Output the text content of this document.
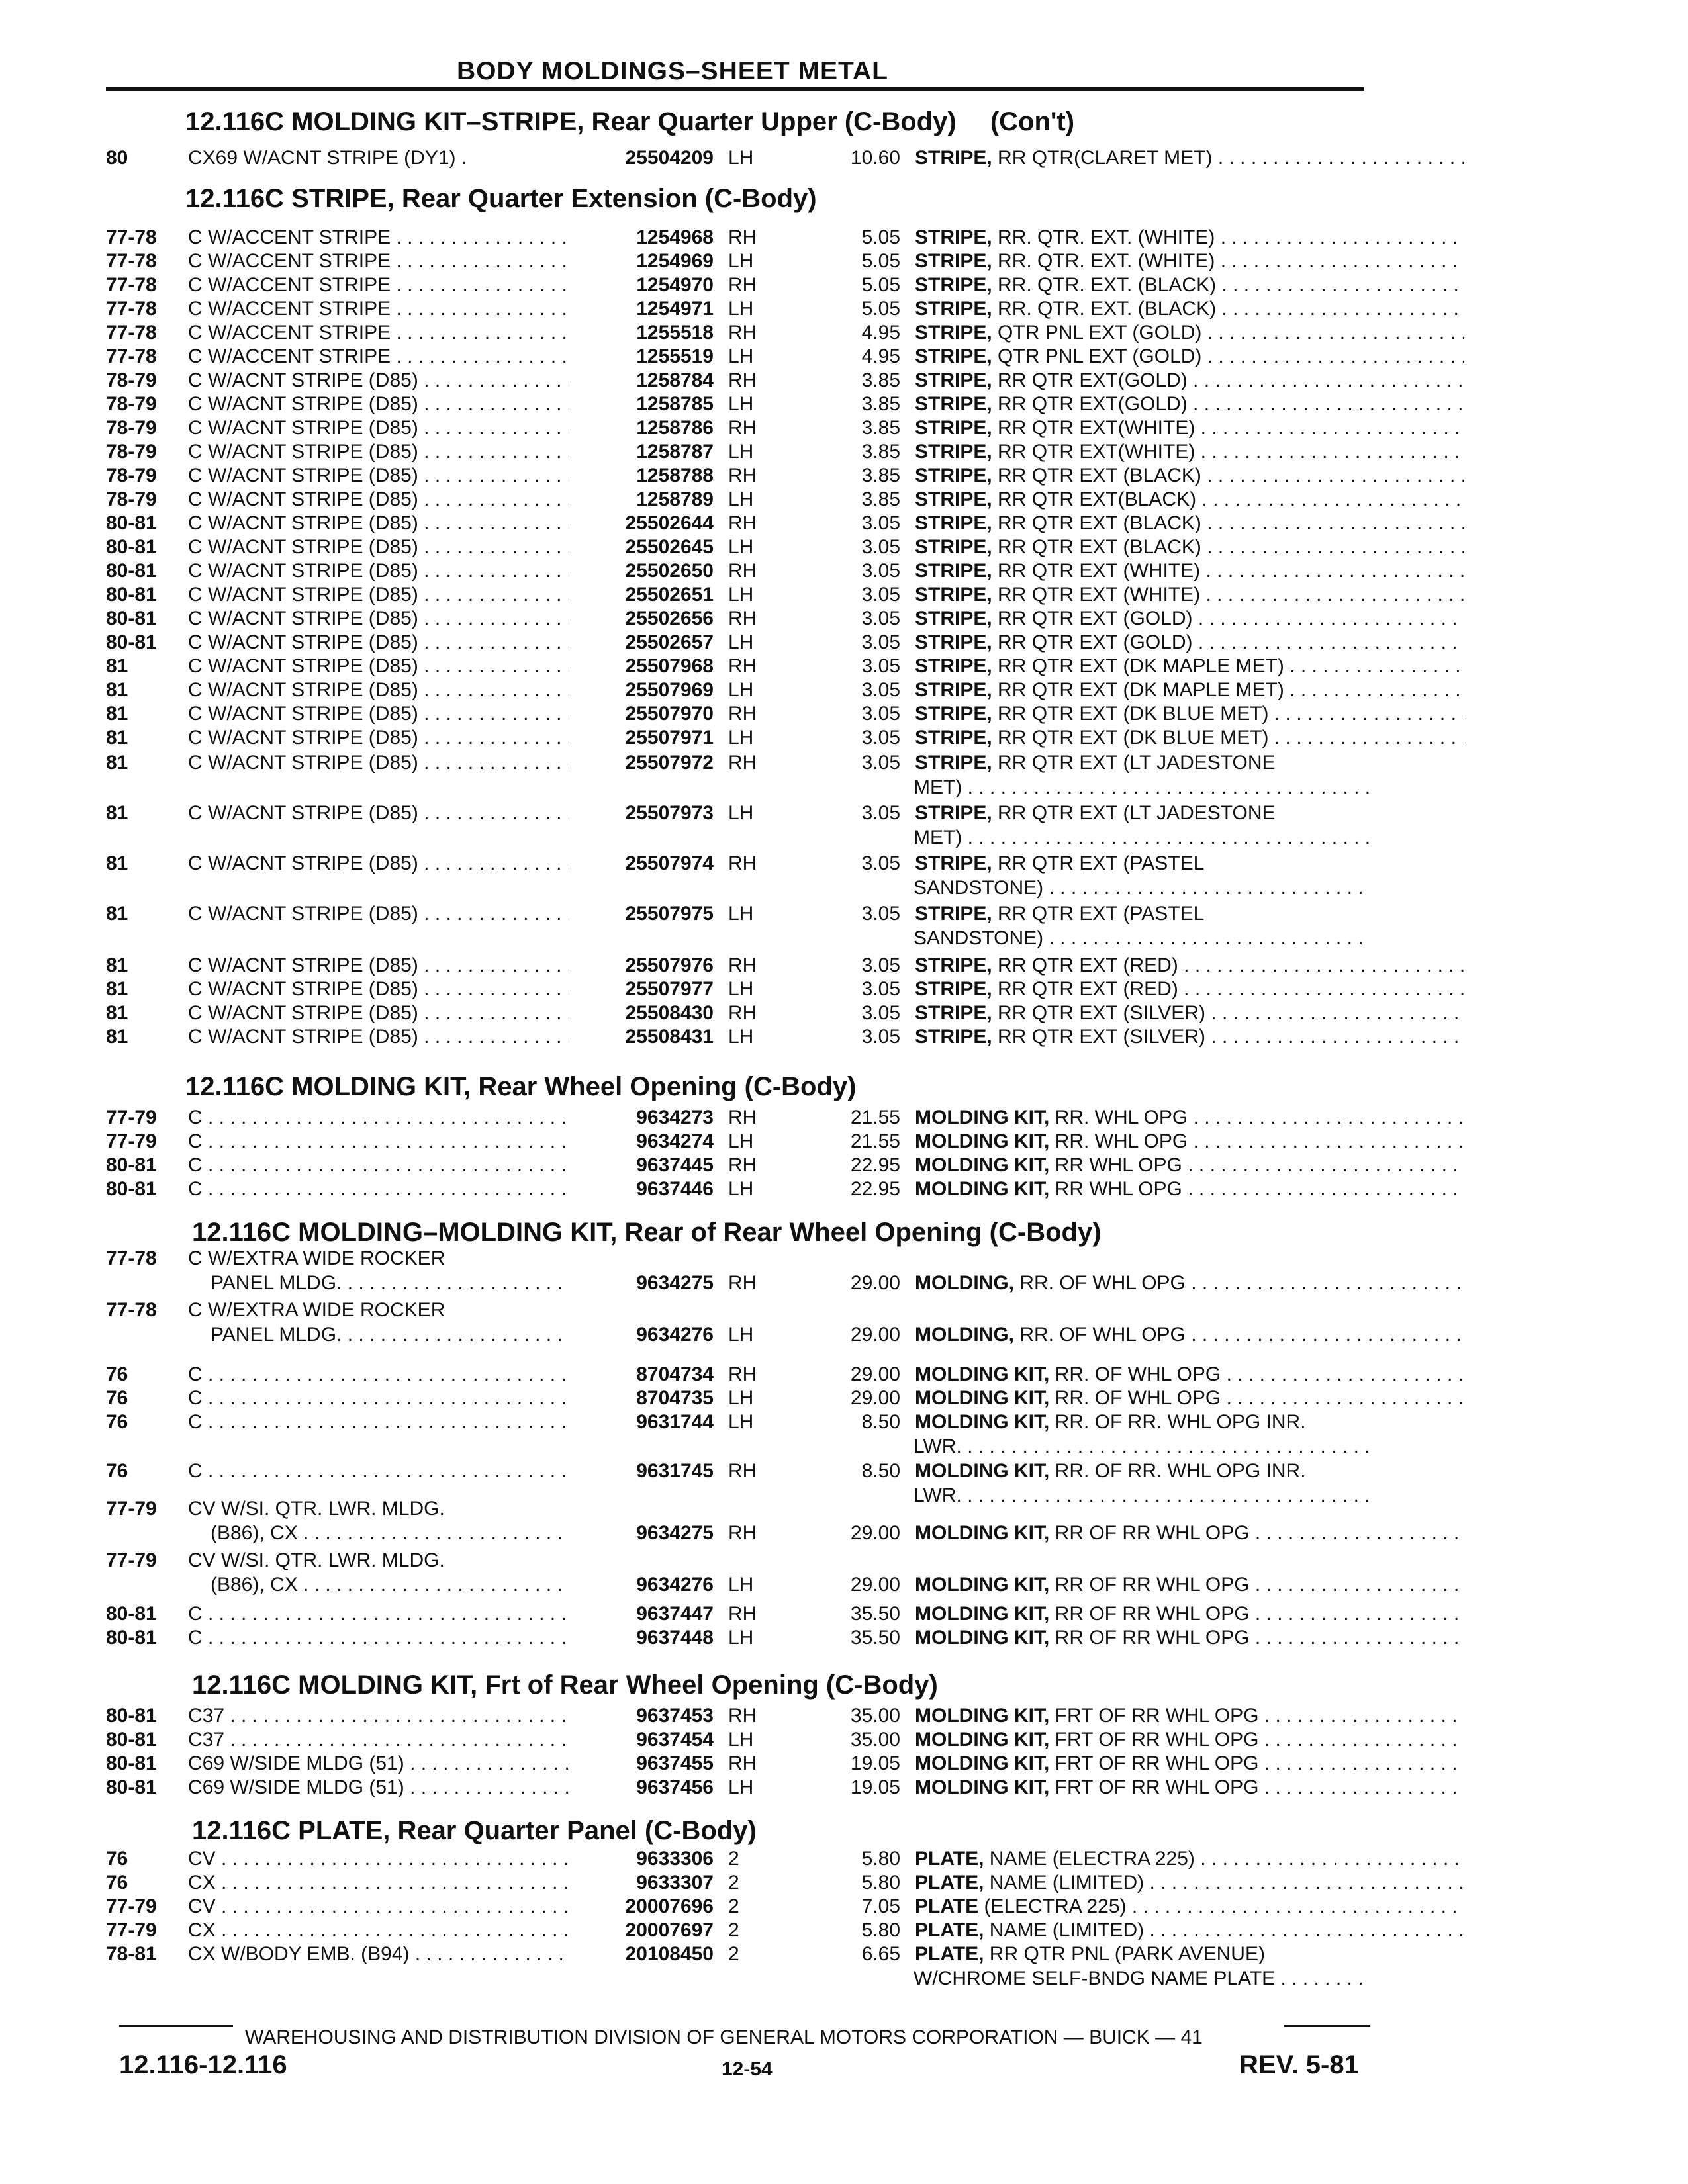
BODY MOLDINGS–SHEET METAL
12.116C MOLDING KIT–STRIPE, Rear Quarter Upper (C-Body) (Con't)
80	CX69 W/ACNT STRIPE (DY1) .	25504209 LH	10.60 STRIPE, RR QTR(CLARET MET) . . .
12.116C STRIPE, Rear Quarter Extension (C-Body)
12.116C MOLDING KIT, Rear Wheel Opening (C-Body)
12.116C MOLDING–MOLDING KIT, Rear of Rear Wheel Opening (C-Body)
12.116C MOLDING KIT, Frt of Rear Wheel Opening (C-Body)
12.116C PLATE, Rear Quarter Panel (C-Body)
77-78 C W/ACCENT STRIPE . . .	1254968 RH	5.05 STRIPE, RR. QTR. EXT. (WHITE) . . .
77-78 C W/ACCENT STRIPE . . .	1254969 LH	5.05 STRIPE, RR. QTR. EXT. (WHITE) . . .
77-78 C W/ACCENT STRIPE . . .	1254970 RH	5.05 STRIPE, RR. QTR. EXT. (BLACK) . . .
77-78 C W/ACCENT STRIPE . . .	1254971 LH	5.05 STRIPE, RR. QTR. EXT. (BLACK) . . .
77-78 C W/ACCENT STRIPE . . .	1255518 RH	4.95 STRIPE, QTR PNL EXT (GOLD) . . .
77-78 C W/ACCENT STRIPE . . .	1255519 LH	4.95 STRIPE, QTR PNL EXT (GOLD) . . .
78-79 C W/ACNT STRIPE (D85) . . .	1258784 RH	3.85 STRIPE, RR QTR EXT(GOLD) . . .
78-79 C W/ACNT STRIPE (D85) . . .	1258785 LH	3.85 STRIPE, RR QTR EXT(GOLD) . . .
78-79 C W/ACNT STRIPE (D85) . . .	1258786 RH	3.85 STRIPE, RR QTR EXT(WHITE) . . .
78-79 C W/ACNT STRIPE (D85) . . .	1258787 LH	3.85 STRIPE, RR QTR EXT(WHITE) . . .
78-79 C W/ACNT STRIPE (D85) . . .	1258788 RH	3.85 STRIPE, RR QTR EXT (BLACK) . . .
78-79 C W/ACNT STRIPE (D85) . . .	1258789 LH	3.85 STRIPE, RR QTR EXT(BLACK) . . .
80-81 C W/ACNT STRIPE (D85) . . .	25502644 RH	3.05 STRIPE, RR QTR EXT (BLACK) . . .
80-81 C W/ACNT STRIPE (D85) . . .	25502645 LH	3.05 STRIPE, RR QTR EXT (BLACK) . . .
80-81 C W/ACNT STRIPE (D85) . . .	25502650 RH	3.05 STRIPE, RR QTR EXT (WHITE) . . .
80-81 C W/ACNT STRIPE (D85) . . .	25502651 LH	3.05 STRIPE, RR QTR EXT (WHITE) . . .
80-81 C W/ACNT STRIPE (D85) . . .	25502656 RH	3.05 STRIPE, RR QTR EXT (GOLD) . . .
80-81 C W/ACNT STRIPE (D85) . . .	25502657 LH	3.05 STRIPE, RR QTR EXT (GOLD) . . .
81	C W/ACNT STRIPE (D85) . . .	25507968 RH	3.05 STRIPE, RR QTR EXT (DK MAPLE MET) . . .
81	C W/ACNT STRIPE (D85) . . .	25507969 LH	3.05 STRIPE, RR QTR EXT (DK MAPLE MET) . . .
81	C W/ACNT STRIPE (D85) . . .	25507970 RH	3.05 STRIPE, RR QTR EXT (DK BLUE MET) . . .
81	C W/ACNT STRIPE (D85) . . .	25507971 LH	3.05 STRIPE, RR QTR EXT (DK BLUE MET) . . .
81	C W/ACNT STRIPE (D85) . . .	25507972 RH	3.05 STRIPE, RR QTR EXT (LT JADESTONE
MET) . . .
81	C W/ACNT STRIPE (D85) . . .	25507973 LH	3.05 STRIPE, RR QTR EXT (LT JADESTONE
MET) . . .
81	C W/ACNT STRIPE (D85) . . .	25507974 RH	3.05 STRIPE, RR QTR EXT (PASTEL
SANDSTONE) . . .
81	C W/ACNT STRIPE (D85) . . .	25507975 LH	3.05 STRIPE, RR QTR EXT (PASTEL
SANDSTONE) . . .
81	C W/ACNT STRIPE (D85) . . .	25507976 RH	3.05 STRIPE, RR QTR EXT (RED) . . .
81	C W/ACNT STRIPE (D85) . . .	25507977 LH	3.05 STRIPE, RR QTR EXT (RED) . . .
81	C W/ACNT STRIPE (D85) . . .	25508430 RH	3.05 STRIPE, RR QTR EXT (SILVER) . . .
81	C W/ACNT STRIPE (D85) . . .	25508431 LH	3.05 STRIPE, RR QTR EXT (SILVER) . . .
77-79 C . . .	9634273 RH	21.55 MOLDING KIT, RR. WHL OPG . . .
77-79 C . . .	9634274 LH	21.55 MOLDING KIT, RR. WHL OPG . . .
80-81 C . . .	9637445 RH	22.95 MOLDING KIT, RR WHL OPG . . .
80-81 C . . .	9637446 LH	22.95 MOLDING KIT, RR WHL OPG . . .
77-78 C W/EXTRA WIDE ROCKER
PANEL MLDG. . . .	9634275 RH	29.00 MOLDING, RR. OF WHL OPG . . .
77-78 C W/EXTRA WIDE ROCKER
PANEL MLDG. . . .	9634276 LH	29.00 MOLDING, RR. OF WHL OPG . . .
76	C . . .	8704734 RH	29.00 MOLDING KIT, RR. OF WHL OPG . . .
76	C . . .	8704735 LH	29.00 MOLDING KIT, RR. OF WHL OPG . . .
76	C . . .	9631744 LH	8.50 MOLDING KIT, RR. OF RR. WHL OPG INR.
LWR. . . .
76	C . . .	9631745 RH	8.50 MOLDING KIT, RR. OF RR. WHL OPG INR.
LWR. . . .
77-79 CV W/SI. QTR. LWR. MLDG.
(B86), CX . . .	9634275 RH	29.00 MOLDING KIT, RR OF RR WHL OPG . . .
77-79 CV W/SI. QTR. LWR. MLDG.
(B86), CX . . .	9634276 LH	29.00 MOLDING KIT, RR OF RR WHL OPG . . .
80-81 C . . .	9637447 RH	35.50 MOLDING KIT, RR OF RR WHL OPG . . .
80-81 C . . .	9637448 LH	35.50 MOLDING KIT, RR OF RR WHL OPG . . .
80-81 C37 . . .	9637453 RH	35.00 MOLDING KIT, FRT OF RR WHL OPG . . .
80-81 C37 . . .	9637454 LH	35.00 MOLDING KIT, FRT OF RR WHL OPG . . .
80-81 C69 W/SIDE MLDG (51) . . .	9637455 RH	19.05 MOLDING KIT, FRT OF RR WHL OPG . . .
80-81 C69 W/SIDE MLDG (51) . . .	9637456 LH	19.05 MOLDING KIT, FRT OF RR WHL OPG . . .
76	CV . . .	9633306 2	5.80 PLATE, NAME (ELECTRA 225) . . .
76	CX . . .	9633307 2	5.80 PLATE, NAME (LIMITED) . . .
77-79 CV . . .	20007696 2	7.05 PLATE (ELECTRA 225) . . .
77-79 CX . . .	20007697 2	5.80 PLATE, NAME (LIMITED) . . .
78-81 CX W/BODY EMB. (B94) . . .	20108450 2	6.65 PLATE, RR QTR PNL (PARK AVENUE)
W/CHROME SELF-BNDG NAME PLATE . . .
WAREHOUSING AND DISTRIBUTION DIVISION OF GENERAL MOTORS CORPORATION — BUICK — 41
12.116-12.116	12-54	REV. 5-81
